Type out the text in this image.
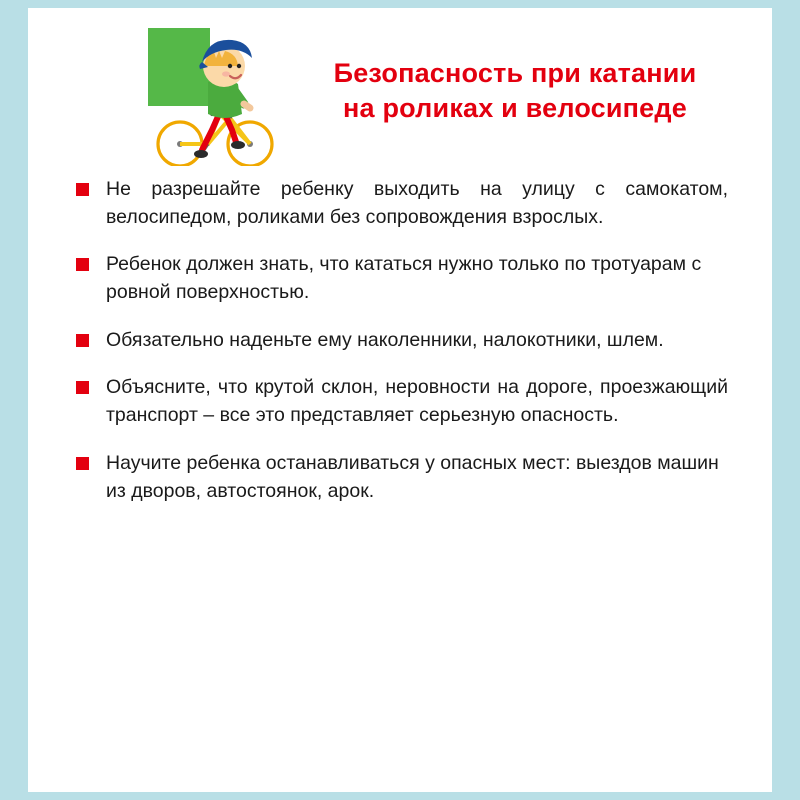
Безопасность при катании
на роликах и велосипеде
Не разрешайте ребенку выходить на улицу с самокатом, велосипедом, роликами без сопровождения взрослых.
Ребенок должен знать, что кататься нужно только по тротуарам с ровной поверхностью.
Обязательно наденьте ему наколенники, налокотники, шлем.
Объясните, что крутой склон, неровности на дороге, проезжающий транспорт – все это представляет серьезную опасность.
Научите ребенка останавливаться у опасных мест: выездов машин из дворов, автостоянок, арок.
